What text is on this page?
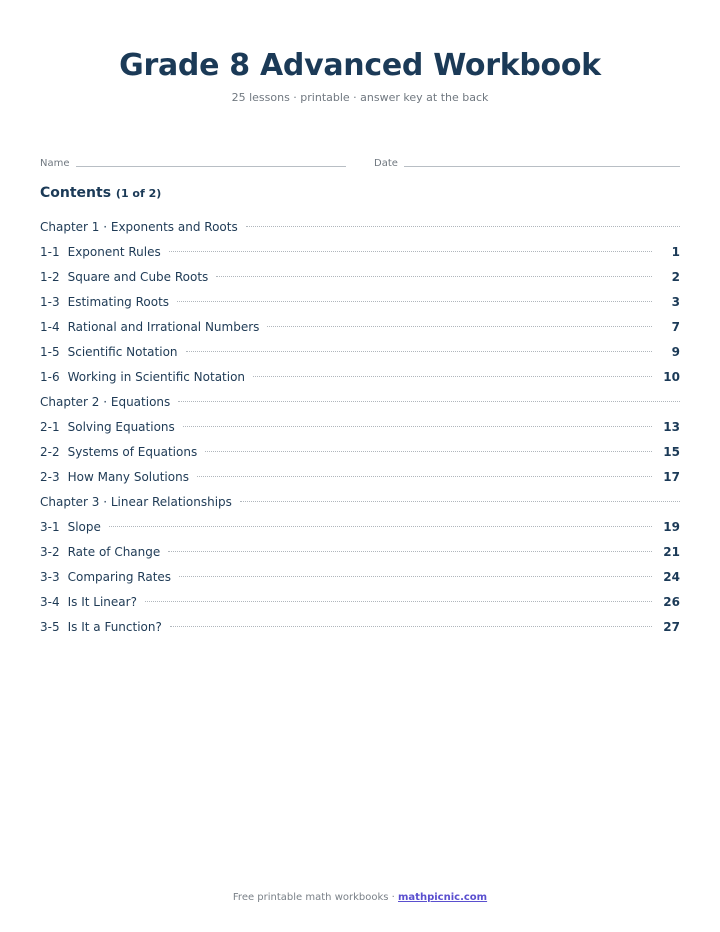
Grade 8 Advanced Workbook
25 lessons · printable · answer key at the back
Name	Date
Contents (1 of 2)
Chapter 1 · Exponents and Roots
1-1 Exponent Rules	1
1-2 Square and Cube Roots	2
1-3 Estimating Roots	3
1-4 Rational and Irrational Numbers	7
1-5 Scientific Notation	9
1-6 Working in Scientific Notation	10
Chapter 2 · Equations
2-1 Solving Equations	13
2-2 Systems of Equations	15
2-3 How Many Solutions	17
Chapter 3 · Linear Relationships
3-1 Slope	19
3-2 Rate of Change	21
3-3 Comparing Rates	24
3-4 Is It Linear?	26
3-5 Is It a Function?	27
Free printable math workbooks · mathpicnic.com
